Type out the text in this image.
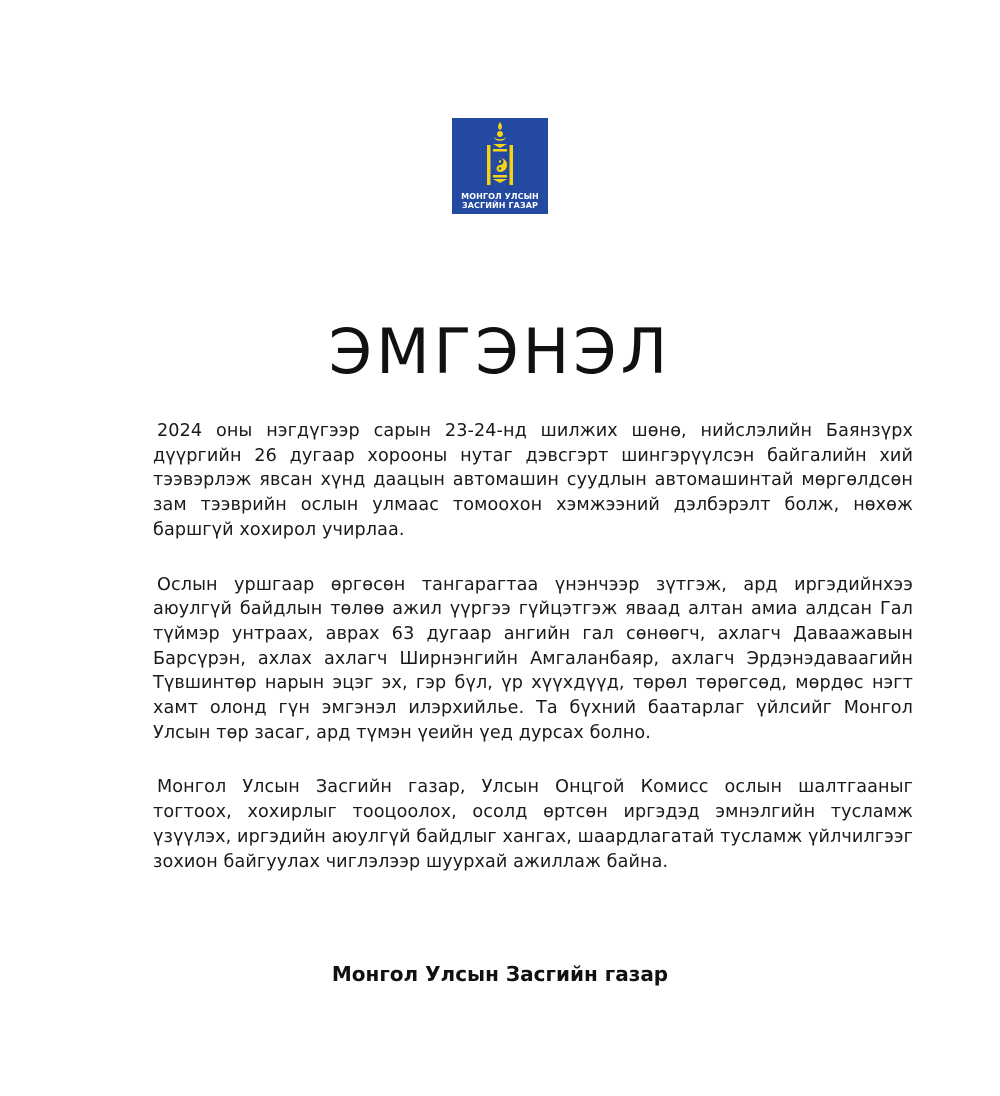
МОНГОЛ УЛСЫН
ЗАСГИЙН ГАЗАР
ЭМГЭНЭЛ

2024 оны нэгдүгээр сарын 23-24-нд шилжих шөнө, нийслэлийн Баянзүрх дүүргийн 26 дугаар хорооны нутаг дэвсгэрт шингэрүүлсэн байгалийн хий тээвэрлэж явсан хүнд даацын автомашин суудлын автомашинтай мөргөлдсөн зам тээврийн ослын улмаас томоохон хэмжээний дэлбэрэлт болж, нөхөж баршгүй хохирол учирлаа.

Ослын уршгаар өргөсөн тангарагтаа үнэнчээр зүтгэж, ард иргэдийнхээ аюулгүй байдлын төлөө ажил үүргээ гүйцэтгэж яваад алтан амиа алдсан Гал түймэр унтраах, аврах 63 дугаар ангийн гал сөнөөгч, ахлагч Даваажавын Барсүрэн, ахлах ахлагч Ширнэнгийн Амгаланбаяр, ахлагч Эрдэнэдаваагийн Түвшинтөр нарын эцэг эх, гэр бүл, үр хүүхдүүд, төрөл төрөгсөд, мөрдөс нэгт хамт олонд гүн эмгэнэл илэрхийлье. Та бүхний баатарлаг үйлсийг Монгол Улсын төр засаг, ард түмэн үеийн үед дурсах болно.

Монгол Улсын Засгийн газар, Улсын Онцгой Комисс ослын шалтгааныг тогтоох, хохирлыг тооцоолох, осолд өртсөн иргэдэд эмнэлгийн тусламж үзүүлэх, иргэдийн аюулгүй байдлыг хангах, шаардлагатай тусламж үйлчилгээг зохион байгуулах чиглэлээр шуурхай ажиллаж байна.

Монгол Улсын Засгийн газар
